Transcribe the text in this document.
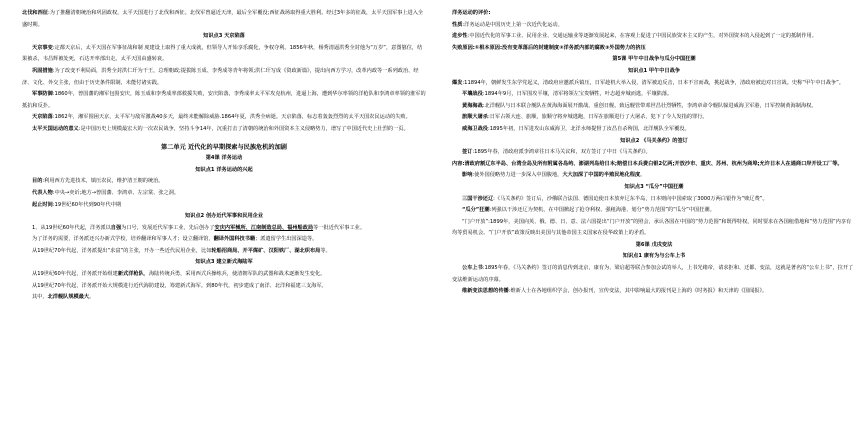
北伐和西征:为了推翻清朝统治和巩固政权，太平天国进行了北伐和西征。北伐军曾逼近天津，最后全军覆没;西征战场取得重大胜利。经过3年多的征战，太平天国军事上进入全盛时期。

知识点3 天京陷落

天京事变:定都天京后，太平天国在军事征战和制 度建设上取得了重大成就，但领导人开始享乐腐化，争权夺利。1856年秋，杨秀清逼洪秀全封他为“万岁”，意图篡位，结果被杀，韦昌辉被处死，石达开率部出走。太平天国由盛转衰。

巩固措施:为了改变不利局面，洪秀全封洪仁玕为干王，总理朝政;提拔陈玉成、李秀成等青年将领;洪仁玕写成《资政新篇》，提出向西方学习，改革内政等一系列政治、经济、文化、外交主张，但由于历史条件限制，未能付诸实践。

军事防御:1860年，曾国藩的湘军包围安庆，陈玉成和李秀成率部救援失败，安庆陷落，李秀成率太平军攻克杭州，进逼上海，遭到华尔率领的洋枪队和李鸿章率领的淮军的抵抗和反扑。

天京陷落:1862年，湘军围困天京，太平军与敌军激战40多天，最终未能解除威胁.1864年夏，洪秀全病逝。天京陷落，标志着轰轰烈烈的太平天国农民运动的失败。

太平天国运动的意义:是中国历史上规模最宏大的一次农民战争，坚持斗争14年，沉重打击了清朝的统治和外国资本主义侵略势力，谱写了中国近代史上壮烈的一页。

第二单元 近代化的早期探索与民族危机的加剧

第4课 洋务运动

知识点1 洋务运动的兴起

目的:利用西方先进技术，镇压农民，维护清王朝的统治。

代表人物:中央→奕䜣;地方→曾国藩、李鸿章、左宗棠、张之洞。

起止时间:19世纪60年代到90年代中期

知识点2 创办近代军事和民用企业

1、从19世纪60年代起，洋务派以自强为口号，发展近代军事工业，先后创办了安庆内军械所、江南制造总局、福州船政局等一批近代军事工业。

为了洋务的需要，洋务派还兴办新式学校，培养翻译和军事人才；设立翻译馆，翻译外国科技书籍；派遣留学生出国深造等。

从19世纪70年代起，洋务派提出“求富”的主张，开办一些近代民用企业，比如轮船招商局、开平煤矿、汉阳铁厂、湖北织布局等。

知识点3 建立新式海陆军

从19世纪60年代起，洋务派开始组建新式洋枪队，海陆传统兵勇，采用西式兵操练兵，使清朝军队的武器和战术逐渐发生变化。

从19世纪70年代起，洋务派开始大规模进行近代海防建设，筹建新式海军。到80年代，初步建成了南洋、北洋和福建三支海军。

其中，北洋舰队规模最大。

洋务运动的评价:

性质:洋务运动是中国历史上第一次近代化运动。

进步性:中国近代化的军事工业、民用企业、交通运输业等逐渐发展起来，在客观上促进了中国民族资本主义的产生，对外国资本的入侵起到了一定的抵制作用。

失败原因:①根本原因:没有变革落后的封建制度②洋务派内部的腐败③外国势力的挤压

第5课 甲午中日战争与瓜分中国狂潮

知识点1 甲午中日战争

爆发:11894年，朝鲜发生东学党起义，清政府应邀派兵镇压，日军趁机大举入侵，清军被迫反击，日本不宣而战，挑起战争，清政府被迫对日宣战。史称“甲午中日战争”。

平壤战役:1894年9月，日军围攻平壤，清军将领左宝贵牺牲，叶志超弃城而逃，平壤陷落。

黄海海战:北洋舰队与日本联合舰队在黄海海面展开激战，重创日舰。致远舰管带邓世昌壮烈牺牲，李鸿章命令舰队躲进威海卫军港，日军控制黄海制海权。

旅顺大屠杀:日军占领大连、旅顺，旅顺守将弃城逃跑，日军在旅顺进行了大屠杀，犯下了令人发指的罪行。

威海卫战役:1895年初，日军进攻山东威海卫，北洋水师提督丁汝昌自杀殉国，北洋舰队全军覆没。

知识点2 《马关条约》的签订

签订:1895年春，清政府派李鸿章往日本马关议和，双方签订了中日《马关条约》。

内容:清政府割辽东半岛、台湾全岛及所有附属各岛屿、澎湖列岛给日本;赔偿日本兵费白银2亿两;开放沙市、重庆、苏州、杭州为商埠;允许日本人在通商口岸开设工厂等。

影响:使外国侵略势力进一步深入中国腹地，大大加深了中国的半殖民地化程度。

知识点3 “瓜分”中国狂潮

三国干涉还辽:《马关条约》签订后，沙俄联合法国、德国迫使日本放弃辽东半岛，日本则向中国索取了3000万两白银作为“赎辽费”。

“瓜分”狂潮:列强以干涉还辽为契机，在中国掀起了抢夺利权、强租海港、划分“势力范围”的“瓜分”中国狂潮。

“门户开放”:1899年，美国向英、俄、德、日、意、法六国提出“门户开放”的照会，承认各国在中国的“势力范围”和既得特权，同时要求在各国租借地和“势力范围”内享有均等贸易机会。“门户开放”政策反映出美国与其他帝国主义国家在侵华政策上的矛盾。

第6课 戊戌变法

知识点1 康有为与公车上书

公车上书:1895年春，《马关条约》签订的消息传到北京，康有为、梁启超等联合参加会试的举人，上书光绪帝，请求拒和、迁都、变法，这就是著名的“公车上书”，拉开了变法维新运动的序幕。

维新变法思想的传播:维新人士在各地组织学会，创办报刊，宣传变法，其中影响最大的报刊是上海的《时务报》和天津的《国闻报》。
